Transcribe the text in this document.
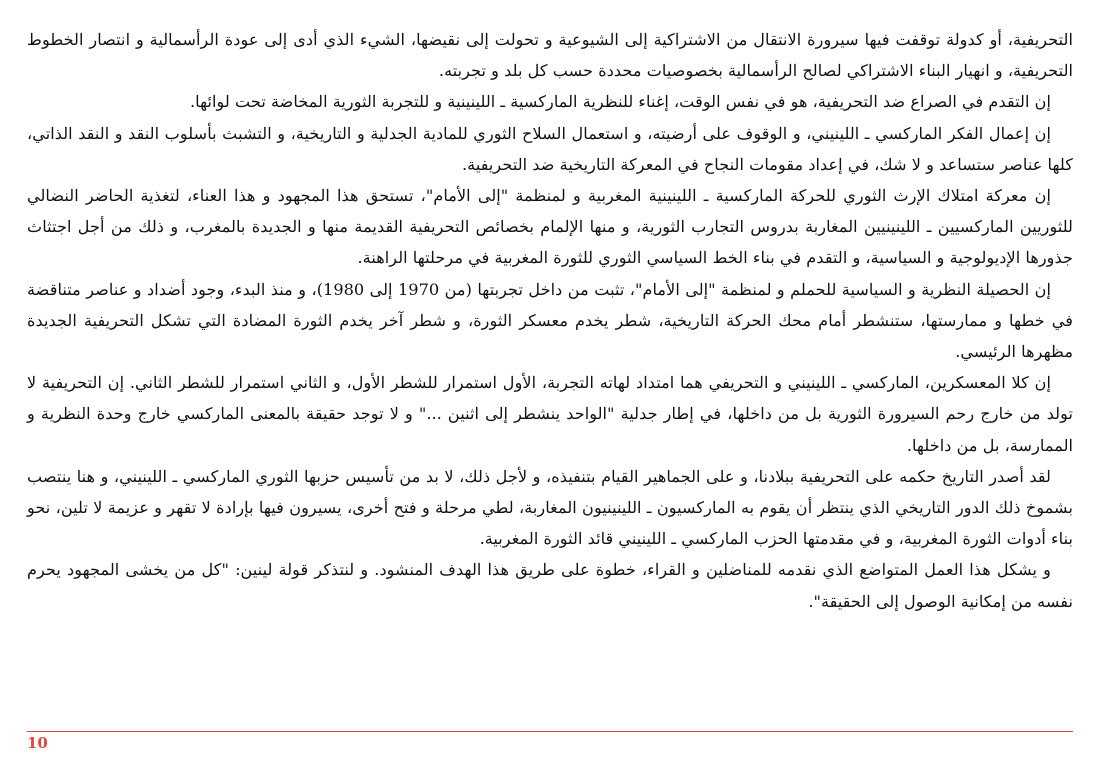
التحريفية، أو كدولة توقفت فيها سيرورة الانتقال من الاشتراكية إلى الشيوعية و تحولت إلى نقيضها، الشيء الذي أدى إلى عودة الرأسمالية و انتصار الخطوط التحريفية، و انهيار البناء الاشتراكي لصالح الرأسمالية بخصوصيات محددة حسب كل بلد و تجربته.

إن التقدم في الصراع ضد التحريفية، هو في نفس الوقت، إغناء للنظرية الماركسية ـ اللينينية و للتجربة الثورية المخاضة تحت لوائها.

إن إعمال الفكر الماركسي ـ اللينيني، و الوقوف على أرضيته، و استعمال السلاح الثوري للمادية الجدلية و التاريخية، و التشبث بأسلوب النقد و النقد الذاتي، كلها عناصر ستساعد و لا شك، في إعداد مقومات النجاح في المعركة التاريخية ضد التحريفية.

إن معركة امتلاك الإرث الثوري للحركة الماركسية ـ اللينينية المغربية و لمنظمة "إلى الأمام"، تستحق هذا المجهود و هذا العناء، لتغذية الحاضر النضالي للثوريين الماركسيين ـ اللينينيين المغاربة بدروس التجارب الثورية، و منها الإلمام بخصائص التحريفية القديمة منها و الجديدة بالمغرب، و ذلك من أجل اجتثاث جذورها الإديولوجية و السياسية، و التقدم في بناء الخط السياسي الثوري للثورة المغربية في مرحلتها الراهنة.

إن الحصيلة النظرية و السياسية للحملم و لمنظمة "إلى الأمام"، تثبت من داخل تجربتها (من 1970 إلى 1980)، و منذ البدء، وجود أضداد و عناصر متناقضة في خطها و ممارستها، ستنشطر أمام محك الحركة التاريخية، شطر يخدم معسكر الثورة، و شطر آخر يخدم الثورة المضادة التي تشكل التحريفية الجديدة مظهرها الرئيسي.

إن كلا المعسكرين، الماركسي ـ اللينيني و التحريفي هما امتداد لهاته التجربة، الأول استمرار للشطر الأول، و الثاني استمرار للشطر الثاني. إن التحريفية لا تولد من خارج رحم السيرورة الثورية بل من داخلها، في إطار جدلية "الواحد ينشطر إلى اثنين ..." و لا توجد حقيقة بالمعنى الماركسي خارج وحدة النظرية و الممارسة، بل من داخلها.

لقد أصدر التاريخ حكمه على التحريفية ببلادنا، و على الجماهير القيام بتنفيذه، و لأجل ذلك، لا بد من تأسيس حزبها الثوري الماركسي ـ اللينيني، و هنا ينتصب بشموخ ذلك الدور التاريخي الذي ينتظر أن يقوم به الماركسيون ـ اللينينيون المغاربة، لطي مرحلة و فتح أخرى، يسيرون فيها بإرادة لا تقهر و عزيمة لا تلين، نحو بناء أدوات الثورة المغربية، و في مقدمتها الحزب الماركسي ـ اللينيني قائد الثورة المغربية.

و يشكل هذا العمل المتواضع الذي نقدمه للمناضلين و القراء، خطوة على طريق هذا الهدف المنشود. و لنتذكر قولة لينين: "كل من يخشى المجهود يحرم نفسه من إمكانية الوصول إلى الحقيقة".

10
